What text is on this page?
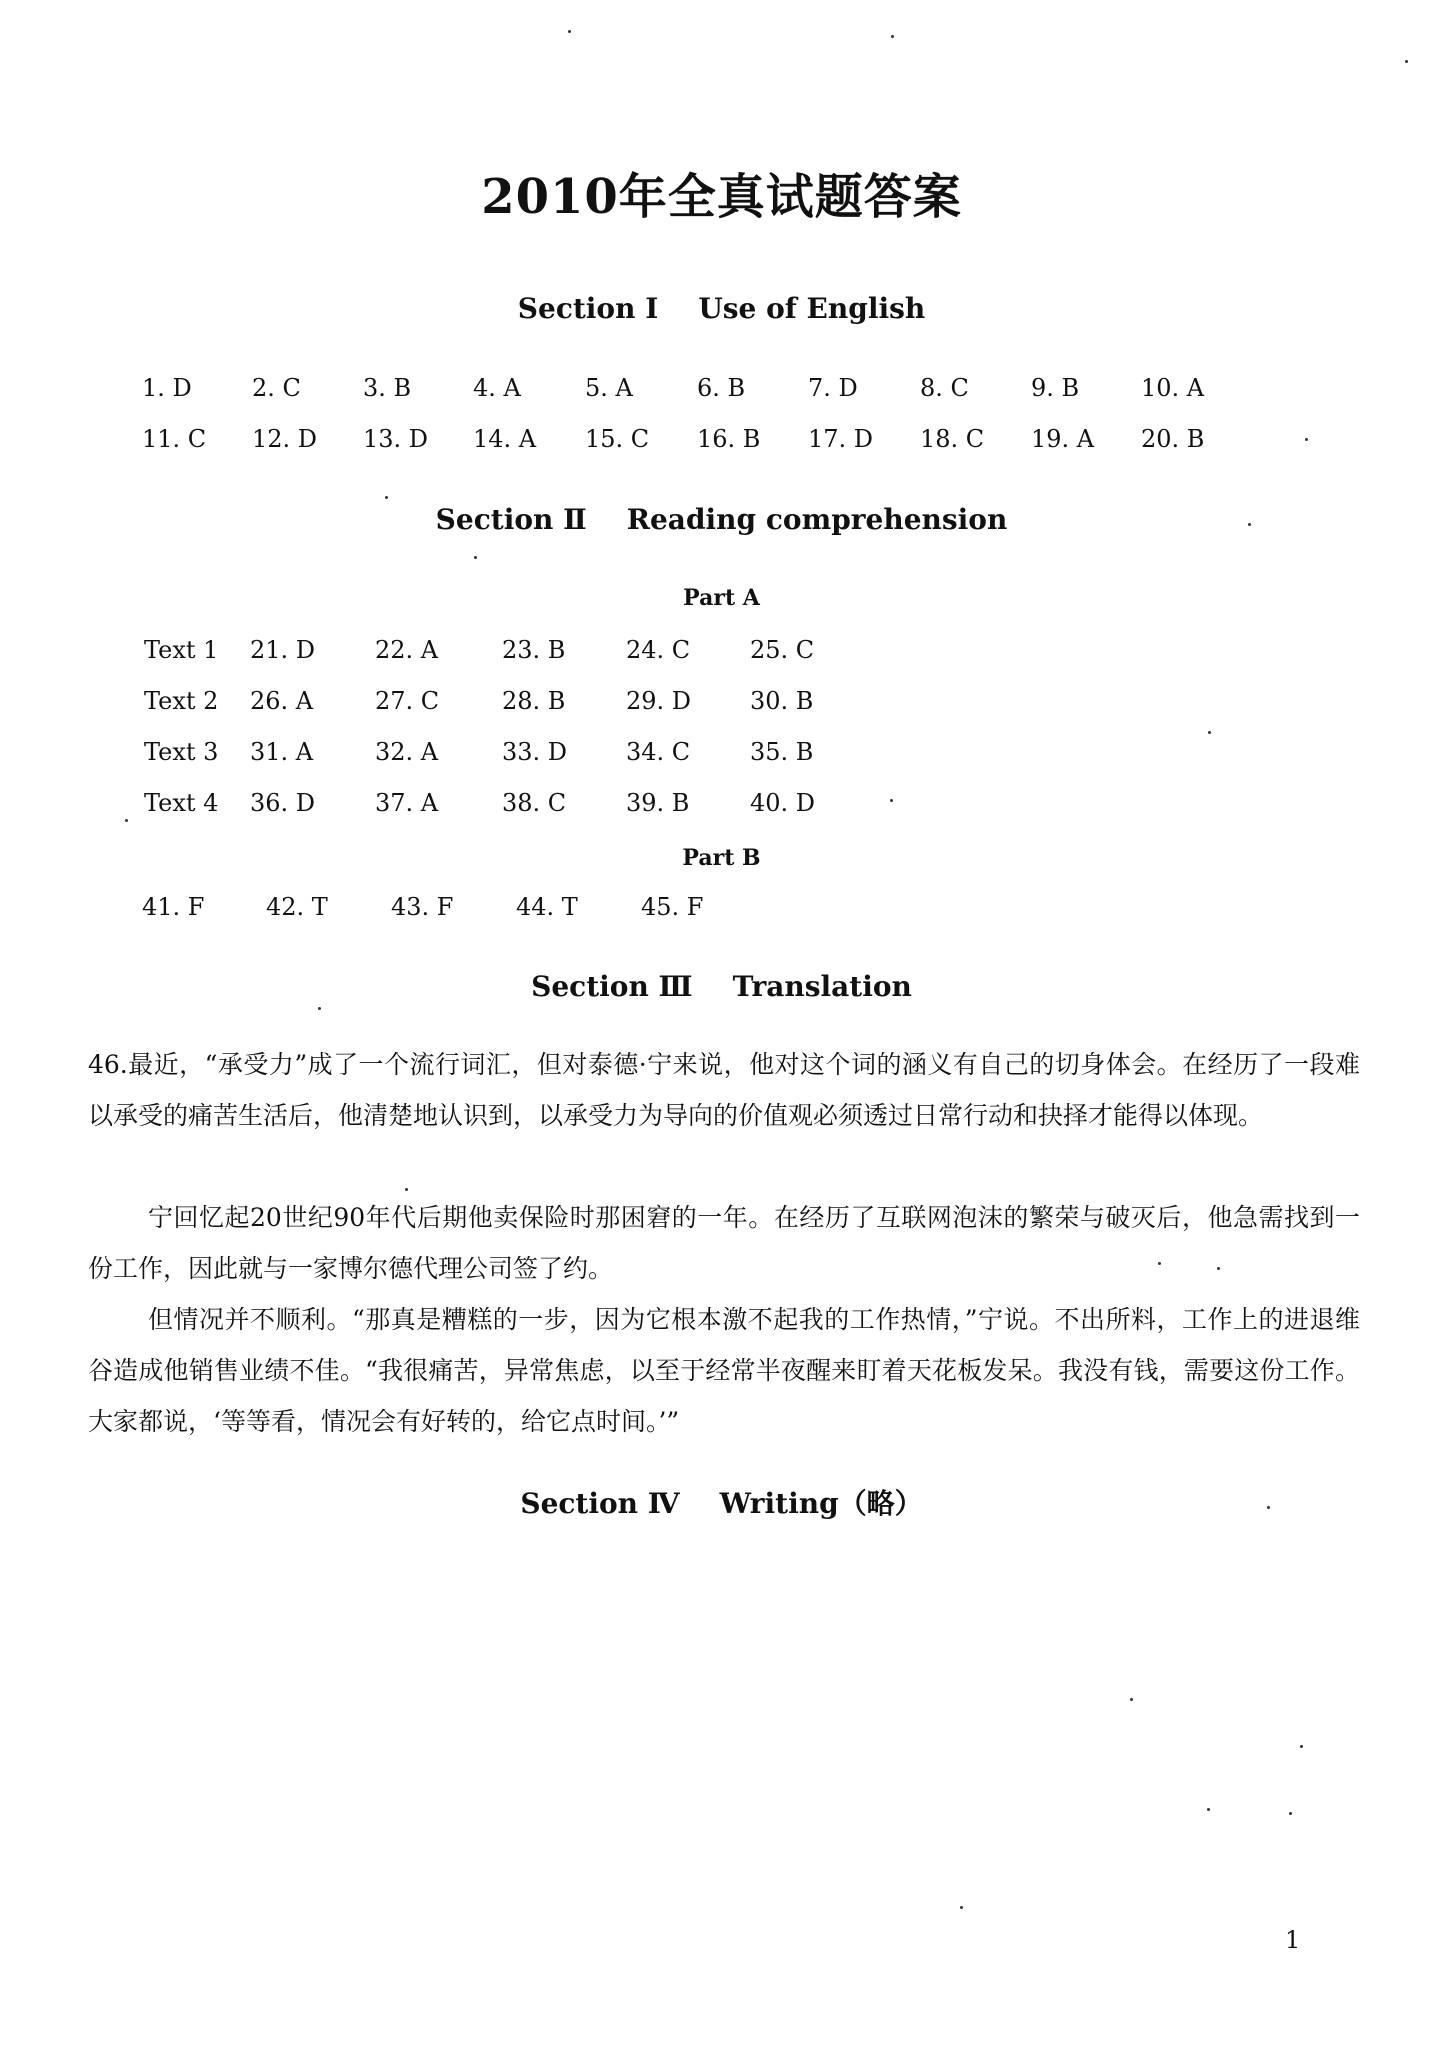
2010年全真试题答案
Section Ⅰ Use of English
1. D	2. C	3. B	4. A	5. A	6. B	7. D	8. C	9. B	10. A
11. C 12. D 13. D 14. A 15. C 16. B 17. D 18. C 19. A 20. B
Section Ⅱ Reading comprehension
Part A
Text 1 21. D 22. A	23. B	24. C 25. C
Text 2 26. A	27. C	28. B	29. D 30. B
Text 3 31. A	32. A	33. D 34. C 35. B
Text 4 36. D 37. A	38. C 39. B	40. D
Part B
41. F	42. T	43. F	44. T	45. F
Section Ⅲ Translation

46.最近，“承受力”成了一个流行词汇，但对泰德·宁来说，他对这个词的涵义有自己的切身体会。在经历了一段难以承受的痛苦生活后，他清楚地认识到，以承受力为导向的价值观必须透过日常行动和抉择才能得以体现。

宁回忆起20世纪90年代后期他卖保险时那困窘的一年。在经历了互联网泡沫的繁荣与破灭后，他急需找到一份工作，因此就与一家博尔德代理公司签了约。

但情况并不顺利。“那真是糟糕的一步，因为它根本激不起我的工作热情，”宁说。不出所料，工作上的进退维谷造成他销售业绩不佳。“我很痛苦，异常焦虑，以至于经常半夜醒来盯着天花板发呆。我没有钱，需要这份工作。大家都说，‘等等看，情况会有好转的，给它点时间。’”

Section Ⅳ Writing（略）
1
